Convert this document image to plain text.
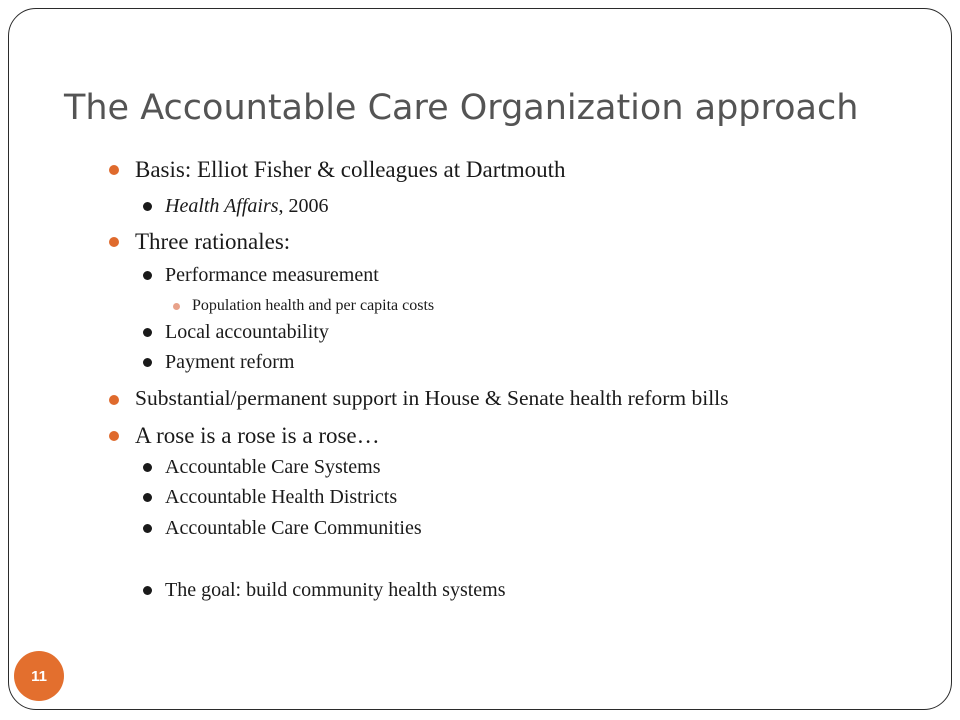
The Accountable Care Organization approach
Basis: Elliot Fisher & colleagues at Dartmouth
Health Affairs, 2006
Three rationales:
Performance measurement
Population health and per capita costs
Local accountability
Payment reform
Substantial/permanent support in House & Senate health reform bills
A rose is a rose is a rose…
Accountable Care Systems
Accountable Health Districts
Accountable Care Communities
The goal: build community health systems
11
